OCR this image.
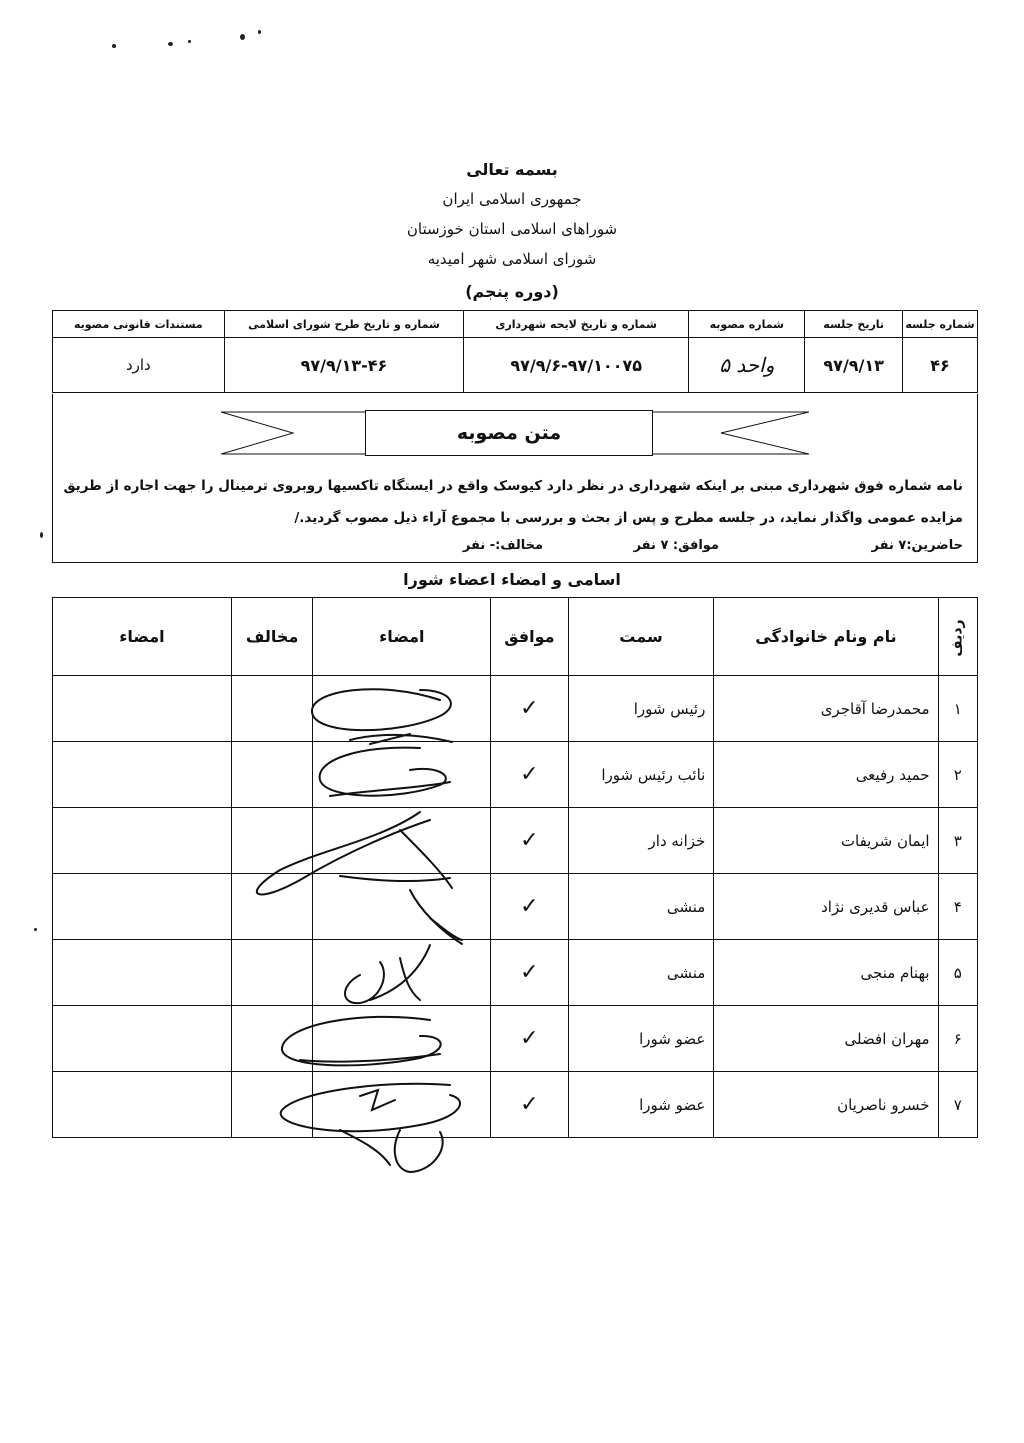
بسمه تعالی
جمهوری اسلامی ایران
شوراهای اسلامی استان خوزستان
شورای اسلامی شهر امیدیه
(دوره پنجم)
شماره جلسه	تاریخ جلسه	شماره مصوبه	شماره و تاریخ لایحه شهرداری	شماره و تاریخ طرح شورای اسلامی	مستندات قانونی مصوبه
۴۶	۹۷/۹/۱۳	واحد ۵	۹۷/۹/۶-۹۷/۱۰۰۷۵	۹۷/۹/۱۳-۴۶	دارد
متن مصوبه
نامه شماره فوق شهرداری مبنی بر اینکه شهرداری در نظر دارد کیوسک واقع در ایستگاه تاکسیها روبروی ترمینال را جهت اجاره از طریق
مزایده عمومی واگذار نماید، در جلسه مطرح و پس از بحث و بررسی با مجموع آراء ذیل مصوب گردید./
حاضرین:۷ نفر
موافق: ۷ نفر
مخالف:- نفر
اسامی و امضاء اعضاء شورا
ردیف	نام ونام خانوادگی	سمت	موافق	امضاء	مخالف	امضاء
۱	محمدرضا آقاجری	رئیس شورا	✓			
۲	حمید رفیعی	نائب رئیس شورا	✓			
۳	ایمان شریفات	خزانه دار	✓			
۴	عباس قدیری نژاد	منشی	✓			
۵	بهنام منجی	منشی	✓			
۶	مهران افضلی	عضو شورا	✓			
۷	خسرو ناصریان	عضو شورا	✓			
